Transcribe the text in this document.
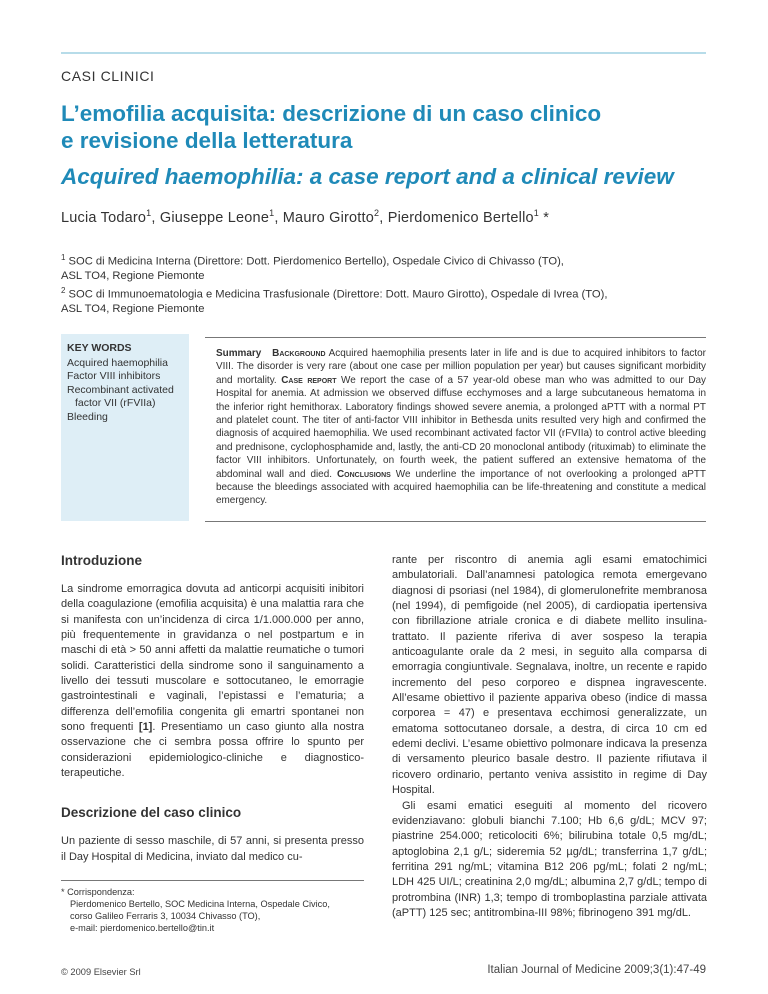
CASI CLINICI
L’emofilia acquisita: descrizione di un caso clinico
e revisione della letteratura
Acquired haemophilia: a case report and a clinical review
Lucia Todaro$^1$, Giuseppe Leone$^1$, Mauro Girotto$^2$, Pierdomenico Bertello$^1$ *
$^1$ SOC di Medicina Interna (Direttore: Dott. Pierdomenico Bertello), Ospedale Civico di Chivasso (TO),
ASL TO4, Regione Piemonte
$^2$ SOC di Immunoematologia e Medicina Trasfusionale (Direttore: Dott. Mauro Girotto), Ospedale di Ivrea (TO),
ASL TO4, Regione Piemonte
KEY WORDS
Acquired haemophilia
Factor VIII inhibitors
Recombinant activated
factor VII (rFVIIa)
Bleeding
Summary Background Acquired haemophilia presents later in life and is due to acquired inhibitors to factor VIII. The disorder is very rare (about one case per million population per year) but causes significant morbidity and mortality. Case report We report the case of a 57 year-old obese man who was admitted to our Day Hospital for anemia. At admission we observed diffuse ecchymoses and a large subcutaneous hematoma in the inferior right hemithorax. Laboratory findings showed severe anemia, a prolonged aPTT with a normal PT and platelet count. The titer of anti-factor VIII inhibitor in Bethesda units resulted very high and confirmed the diagnosis of acquired haemophilia. We used recombinant activated factor VII (rFVIIa) to control active bleeding and prednisone, cyclophosphamide and, lastly, the anti-CD 20 monoclonal antibody (rituximab) to eliminate the factor VIII inhibitors. Unfortunately, on fourth week, the patient suffered an extensive hematoma of the abdominal wall and died. Conclusions We underline the importance of not overlooking a prolonged aPTT because the bleedings associated with acquired haemophilia can be life-threatening and constitute a medical emergency.
Introduzione

La sindrome emorragica dovuta ad anticorpi acquisiti inibitori della coagulazione (emofilia acquisita) è una malattia rara che si manifesta con un’incidenza di circa 1/1.000.000 per anno, più frequentemente in gravidanza o nel postpartum e in maschi di età > 50 anni affetti da malattie reumatiche o tumori solidi. Caratteristici della sindrome sono il sanguinamento a livello dei tessuti muscolare e sottocutaneo, le emorragie gastrointestinali e vaginali, l’epistassi e l’ematuria; a differenza dell’emofilia congenita gli emartri spontanei non sono frequenti [1]. Presentiamo un caso giunto alla nostra osservazione che ci sembra possa offrire lo spunto per considerazioni epidemiologico-cliniche e diagnostico-terapeutiche.

Descrizione del caso clinico

Un paziente di sesso maschile, di 57 anni, si presenta presso il Day Hospital di Medicina, inviato dal medico cu-

rante per riscontro di anemia agli esami ematochimici ambulatoriali. Dall’anamnesi patologica remota emergevano diagnosi di psoriasi (nel 1984), di glomerulonefrite membranosa (nel 1994), di pemfigoide (nel 2005), di cardiopatia ipertensiva con fibrillazione atriale cronica e di diabete mellito insulina-trattato. Il paziente riferiva di aver sospeso la terapia anticoagulante orale da 2 mesi, in seguito alla comparsa di emorragia congiuntivale. Segnalava, inoltre, un recente e rapido incremento del peso corporeo e dispnea ingravescente. All’esame obiettivo il paziente appariva obeso (indice di massa corporea = 47) e presentava ecchimosi generalizzate, un ematoma sottocutaneo dorsale, a destra, di circa 10 cm ed edemi declivi. L’esame obiettivo polmonare indicava la presenza di versamento pleurico basale destro. Il paziente rifiutava il ricovero ordinario, pertanto veniva assistito in regime di Day Hospital.

Gli esami ematici eseguiti al momento del ricovero evidenziavano: globuli bianchi 7.100; Hb 6,6 g/dL; MCV 97; piastrine 254.000; reticolociti 6%; bilirubina totale 0,5 mg/dL; aptoglobina 2,1 g/L; sideremia 52 µg/dL; transferrina 1,7 g/dL; ferritina 291 ng/mL; vitamina B12 206 pg/mL; folati 2 ng/mL; LDH 425 UI/L; creatinina 2,0 mg/dL; albumina 2,7 g/dL; tempo di protrombina (INR) 1,3; tempo di tromboplastina parziale attivata (aPTT) 125 sec; antitrombina-III 98%; fibrinogeno 391 mg/dL.

* Corrispondenza:
Pierdomenico Bertello, SOC Medicina Interna, Ospedale Civico,
corso Galileo Ferraris 3, 10034 Chivasso (TO),
e-mail: pierdomenico.bertello@tin.it
© 2009 Elsevier Srl	Italian Journal of Medicine 2009;3(1):47-49
